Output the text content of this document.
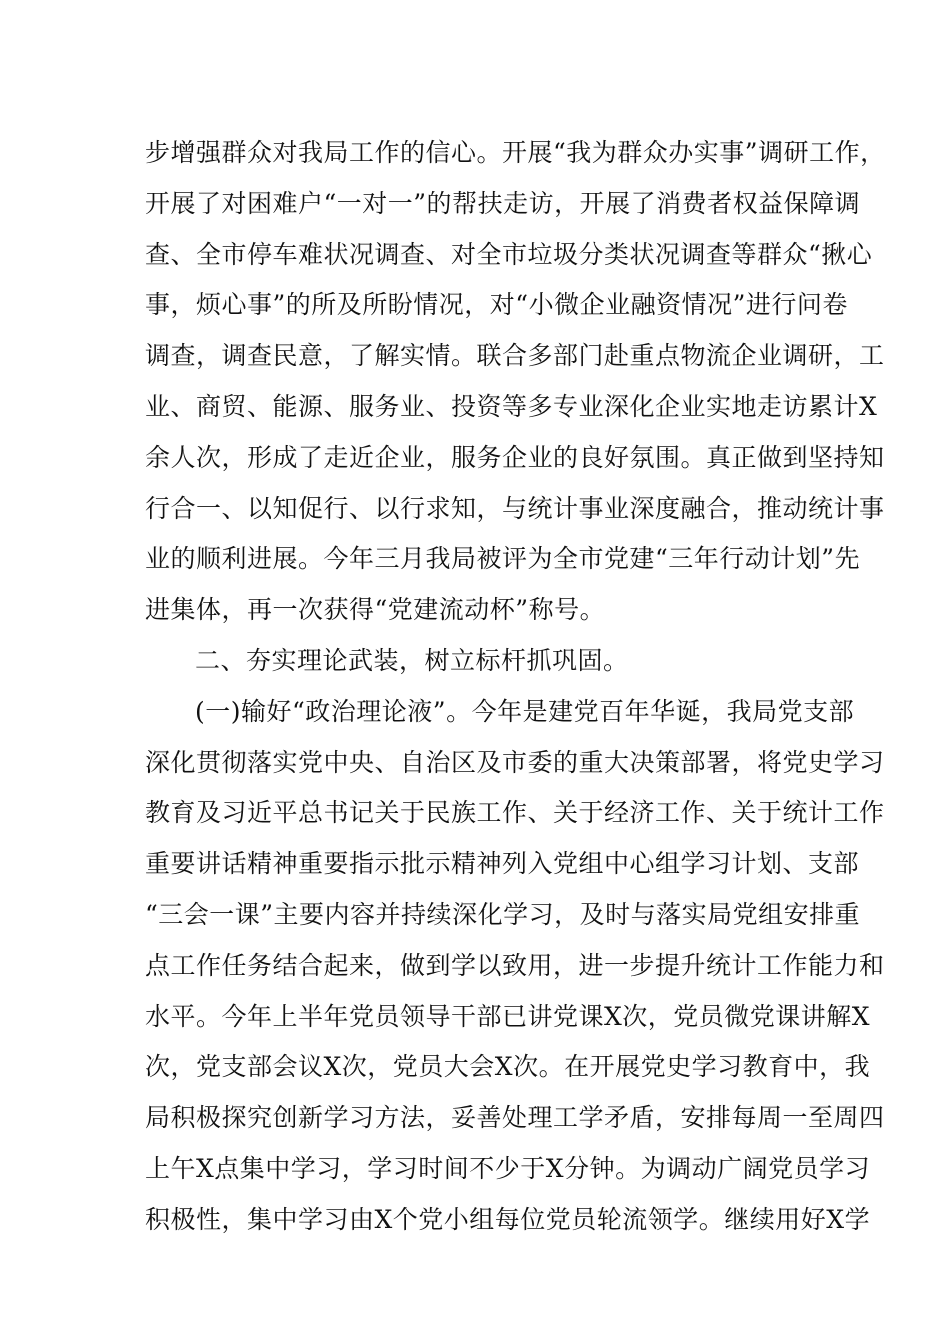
步增强群众对我局工作的信心。开展“我为群众办实事”调研工作，
开展了对困难户“一对一”的帮扶走访，开展了消费者权益保障调
查、全市停车难状况调查、对全市垃圾分类状况调查等群众“揪心
事，烦心事”的所及所盼情况，对“小微企业融资情况”进行问卷
调查，调查民意，了解实情。联合多部门赴重点物流企业调研，工
业、商贸、能源、服务业、投资等多专业深化企业实地走访累计X
余人次，形成了走近企业，服务企业的良好氛围。真正做到坚持知
行合一、以知促行、以行求知，与统计事业深度融合，推动统计事
业的顺利进展。今年三月我局被评为全市党建“三年行动计划”先
进集体，再一次获得“党建流动杯”称号。
二、夯实理论武装，树立标杆抓巩固。
(一)输好“政治理论液”。今年是建党百年华诞，我局党支部
深化贯彻落实党中央、自治区及市委的重大决策部署，将党史学习
教育及习近平总书记关于民族工作、关于经济工作、关于统计工作
重要讲话精神重要指示批示精神列入党组中心组学习计划、支部
“三会一课”主要内容并持续深化学习，及时与落实局党组安排重
点工作任务结合起来，做到学以致用，进一步提升统计工作能力和
水平。今年上半年党员领导干部已讲党课X次，党员微党课讲解X
次，党支部会议X次，党员大会X次。在开展党史学习教育中，我
局积极探究创新学习方法，妥善处理工学矛盾，安排每周一至周四
上午X点集中学习，学习时间不少于X分钟。为调动广阔党员学习
积极性，集中学习由X个党小组每位党员轮流领学。继续用好X学
